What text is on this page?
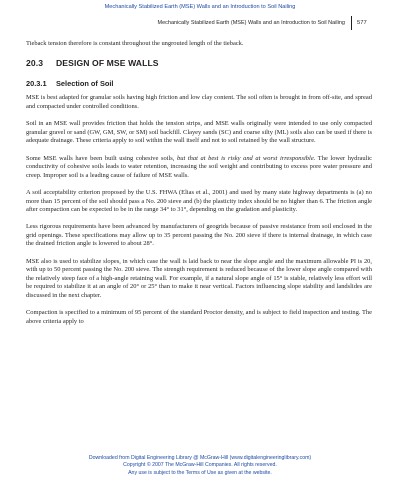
Mechanically Stabilized Earth (MSE) Walls and an Introduction to Soil Nailing
Mechanically Stabilized Earth (MSE) Walls and an Introduction to Soil Nailing 577

Tieback tension therefore is constant throughout the ungrouted length of the tieback.

20.3 DESIGN OF MSE WALLS
20.3.1 Selection of Soil

MSE is best adapted for granular soils having high friction and low clay content. The soil often is brought in from off-site, and spread and compacted under controlled conditions.

Soil in an MSE wall provides friction that holds the tension strips, and MSE walls originally were intended to use only compacted granular gravel or sand (GW, GM, SW, or SM) soil backfill. Clayey sands (SC) and coarse silty (ML) soils also can be used if there is adequate drainage. These criteria apply to soil within the wall itself and not to soil retained by the wall structure.

Some MSE walls have been built using cohesive soils, but that at best is risky and at worst irresponsible. The lower hydraulic conductivity of cohesive soils leads to water retention, increasing the soil weight and contributing to excess pore water pressure and creep. Improper soil is a leading cause of failure of MSE walls.

A soil acceptability criterion proposed by the U.S. FHWA (Elias et al., 2001) and used by many state highway departments is (a) no more than 15 percent of the soil should pass a No. 200 sieve and (b) the plasticity index should be no higher than 6. The friction angle after compaction can be expected to be in the range 34° to 31°, depending on the gradation and plasticity.

Less rigorous requirements have been advanced by manufacturers of geogrids because of passive resistance from soil enclosed in the grid openings. These specifications may allow up to 35 percent passing the No. 200 sieve if there is internal drainage, in which case the drained friction angle is lowered to about 28°.

MSE also is used to stabilize slopes, in which case the wall is laid back to near the slope angle and the maximum allowable PI is 20, with up to 50 percent passing the No. 200 sieve. The strength requirement is reduced because of the lower slope angle compared with the relatively steep face of a high-angle retaining wall. For example, if a natural slope angle of 15° is stable, relatively less effort will be required to stabilize it at an angle of 20° or 25° than to make it near vertical. Factors influencing slope stability and landslides are discussed in the next chapter.

Compaction is specified to a minimum of 95 percent of the standard Proctor density, and is subject to field inspection and testing. The above criteria apply to

Downloaded from Digital Engineering Library @ McGraw-Hill (www.digitalengineeringlibrary.com)
Copyright © 2007 The McGraw-Hill Companies. All rights reserved.
Any use is subject to the Terms of Use as given at the website.
